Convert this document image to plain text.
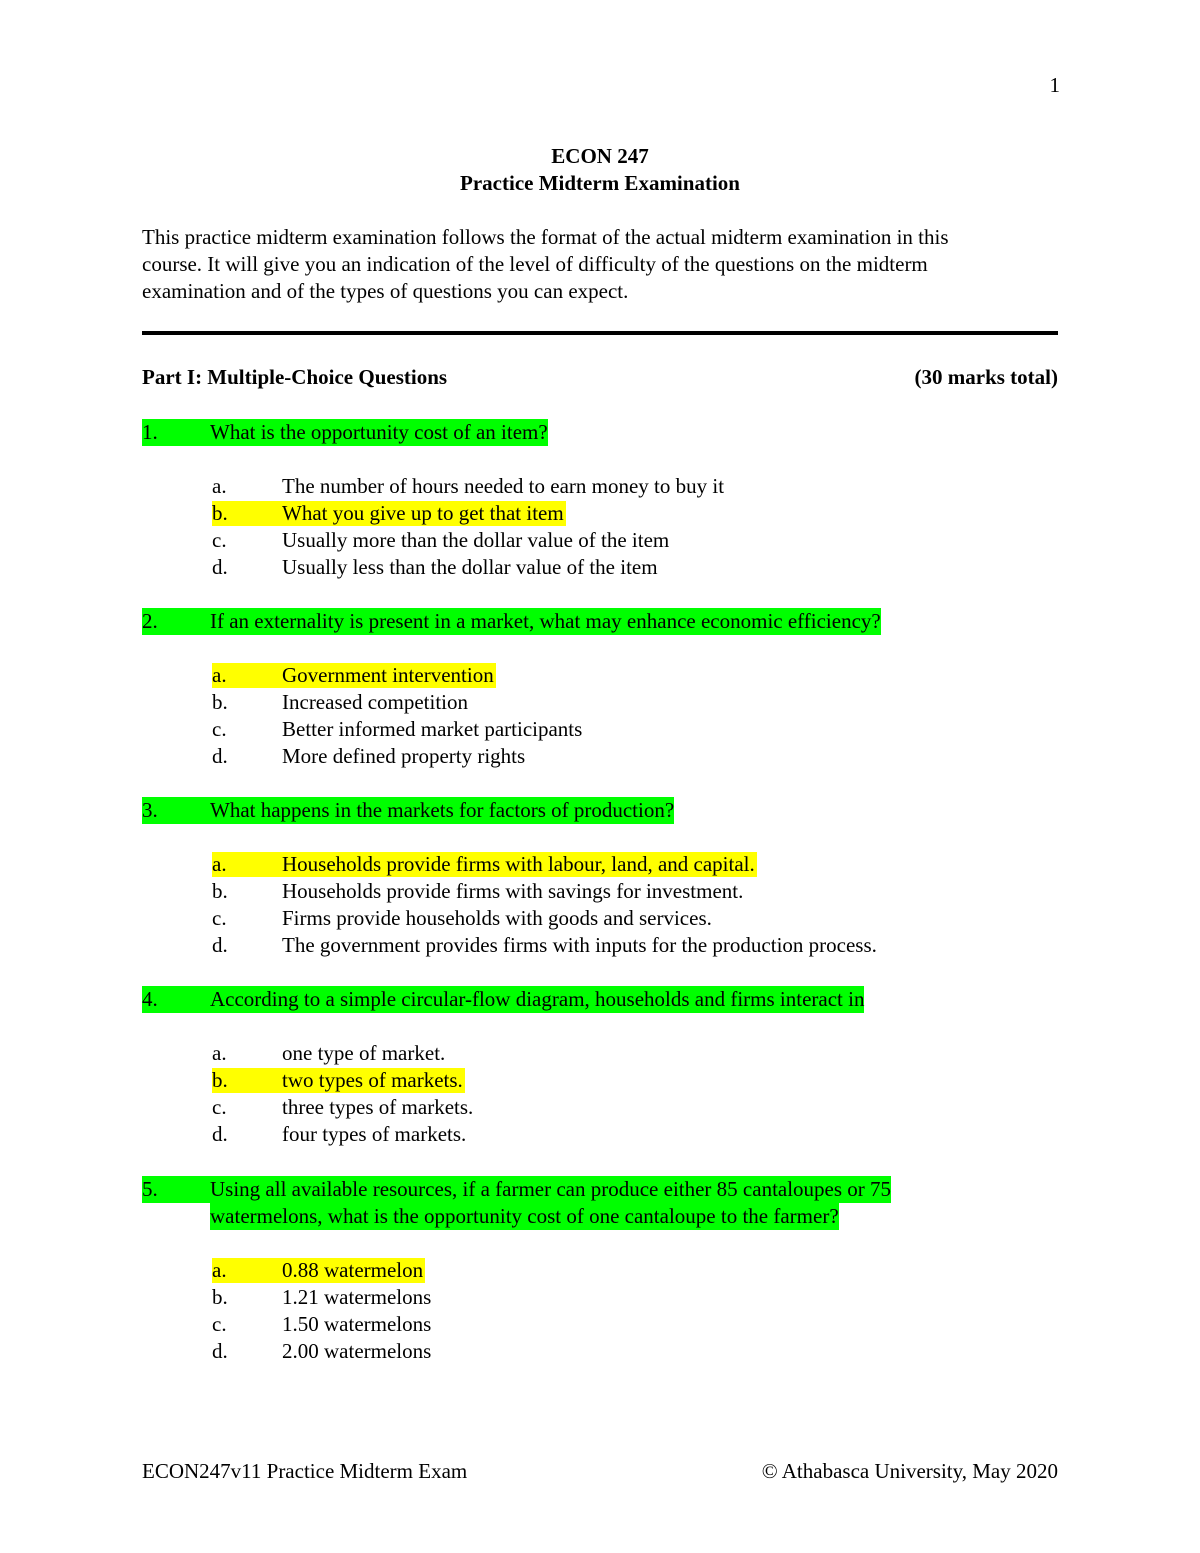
1
ECON 247
Practice Midterm Examination
This practice midterm examination follows the format of the actual midterm examination in this
course. It will give you an indication of the level of difficulty of the questions on the midterm
examination and of the types of questions you can expect.
Part I: Multiple-Choice Questions	(30 marks total)
1. What is the opportunity cost of an item?
a.	The number of hours needed to earn money to buy it
b.	What you give up to get that item
c.	Usually more than the dollar value of the item
d.	Usually less than the dollar value of the item
2. If an externality is present in a market, what may enhance economic efficiency?
a.	Government intervention
b.	Increased competition
c.	Better informed market participants
d.	More defined property rights
3. What happens in the markets for factors of production?
a.	Households provide firms with labour, land, and capital.
b.	Households provide firms with savings for investment.
c.	Firms provide households with goods and services.
d.	The government provides firms with inputs for the production process.
4. According to a simple circular-flow diagram, households and firms interact in
a.	one type of market.
b.	two types of markets.
c.	three types of markets.
d.	four types of markets.
5. Using all available resources, if a farmer can produce either 85 cantaloupes or 75
watermelons, what is the opportunity cost of one cantaloupe to the farmer?
a.	0.88 watermelon
b.	1.21 watermelons
c.	1.50 watermelons
d.	2.00 watermelons
ECON247v11 Practice Midterm Exam	© Athabasca University, May 2020
